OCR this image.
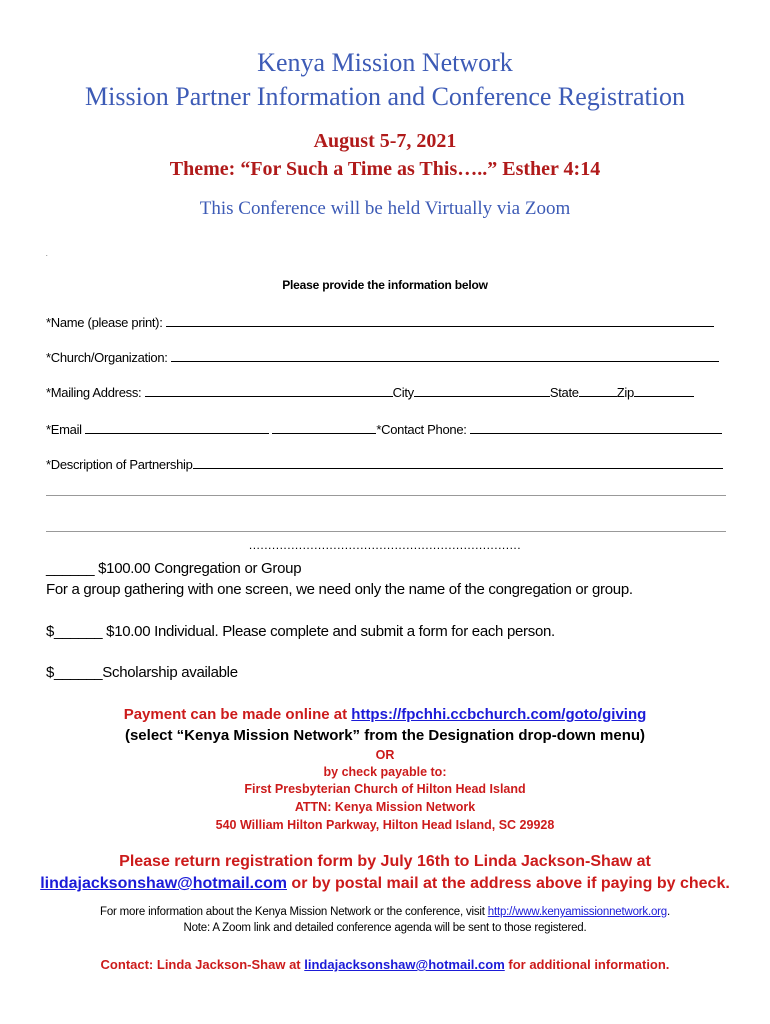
Kenya Mission Network
Mission Partner Information and Conference Registration
August 5-7, 2021
Theme: “For Such a Time as This…..” Esther 4:14
This Conference will be held Virtually via Zoom
.
Please provide the information below
*Name (please print):
*Church/Organization:
*Mailing Address:	City	State	Zip
*Email	*Contact Phone:
*Description of Partnership
.......................................................................
______ $100.00 Congregation or Group
For a group gathering with one screen, we need only the name of the congregation or group.
$______ $10.00 Individual. Please complete and submit a form for each person.
$______Scholarship available
Payment can be made online at https://fpchhi.ccbchurch.com/goto/giving
(select “Kenya Mission Network” from the Designation drop-down menu)
OR
by check payable to:
First Presbyterian Church of Hilton Head Island
ATTN: Kenya Mission Network
540 William Hilton Parkway, Hilton Head Island, SC 29928
Please return registration form by July 16th to Linda Jackson-Shaw at
lindajacksonshaw@hotmail.com or by postal mail at the address above if paying by check.
For more information about the Kenya Mission Network or the conference, visit http://www.kenyamissionnetwork.org.
Note: A Zoom link and detailed conference agenda will be sent to those registered.
Contact: Linda Jackson-Shaw at lindajacksonshaw@hotmail.com for additional information.
